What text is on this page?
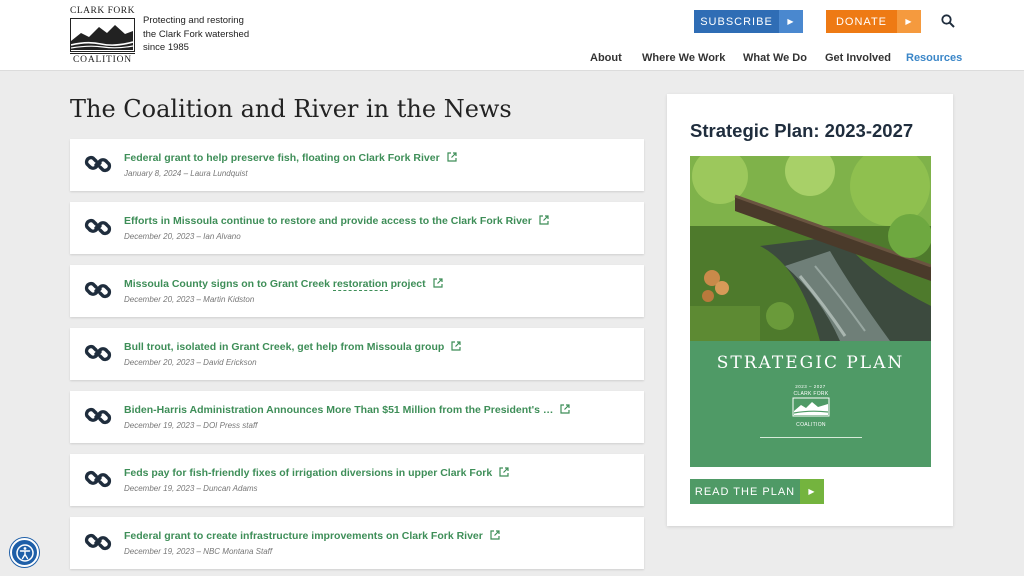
CLARK FORK
COALITION
Protecting and restoring
the Clark Fork watershed
since 1985
SUBSCRIBE	▶	DONATE	▶
About Where We Work What We Do Get Involved Resources
The Coalition and River in the News
Federal grant to help preserve fish, floating on Clark Fork River
January 8, 2024 – Laura Lundquist
Efforts in Missoula continue to restore and provide access to the Clark Fork River
December 20, 2023 – Ian Alvano
Missoula County signs on to Grant Creek restoration project
December 20, 2023 – Martin Kidston
Bull trout, isolated in Grant Creek, get help from Missoula group
December 20, 2023 – David Erickson
Biden-Harris Administration Announces More Than $51 Million from the President's …
December 19, 2023 – DOI Press staff
Feds pay for fish-friendly fixes of irrigation diversions in upper Clark Fork
December 19, 2023 – Duncan Adams
Federal grant to create infrastructure improvements on Clark Fork River
December 19, 2023 – NBC Montana Staff
Strategic Plan: 2023-2027
STRATEGIC PLAN
2023 – 2027
CLARK FORK
COALITION
READ THE PLAN	▶
